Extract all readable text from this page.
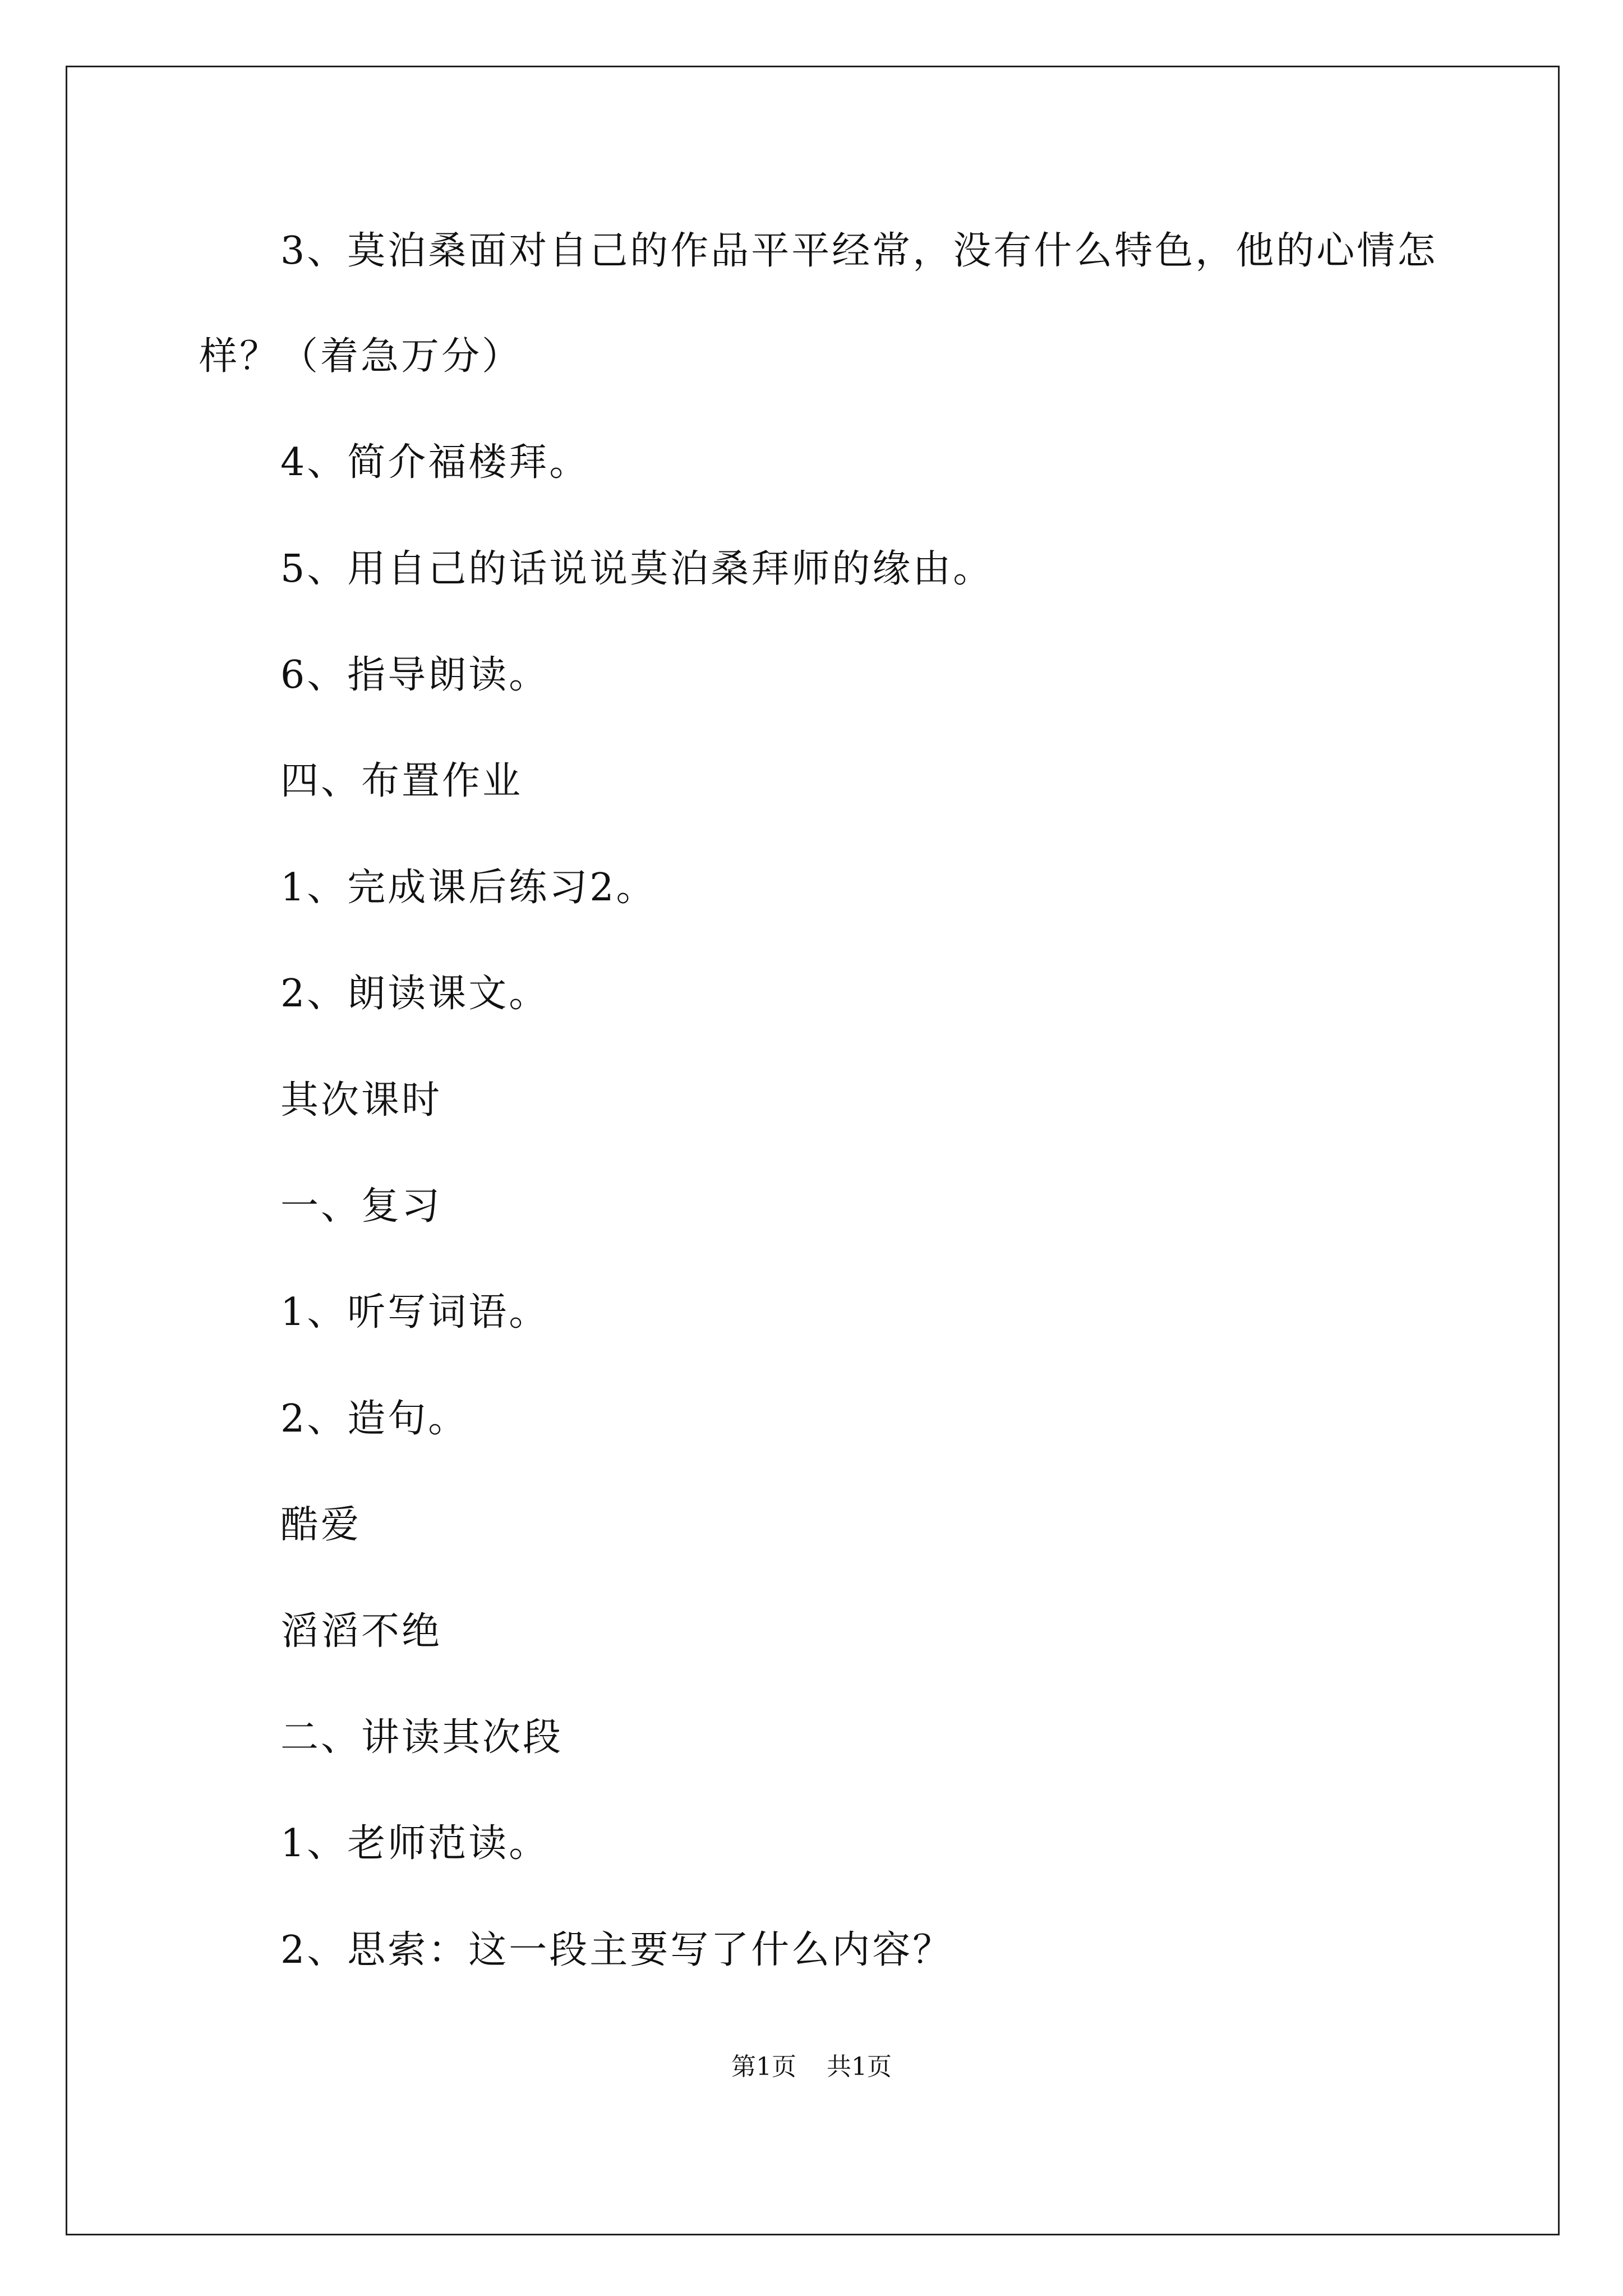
3、莫泊桑面对自己的作品平平经常，没有什么特色，他的心情怎
样？（着急万分）
4、简介福楼拜。
5、用自己的话说说莫泊桑拜师的缘由。
6、指导朗读。
四、布置作业
1、完成课后练习2。
2、朗读课文。
其次课时
一、复习
1、听写词语。
2、造句。
酷爱
滔滔不绝
二、讲读其次段
1、老师范读。
2、思索：这一段主要写了什么内容？
第1页 共1页
